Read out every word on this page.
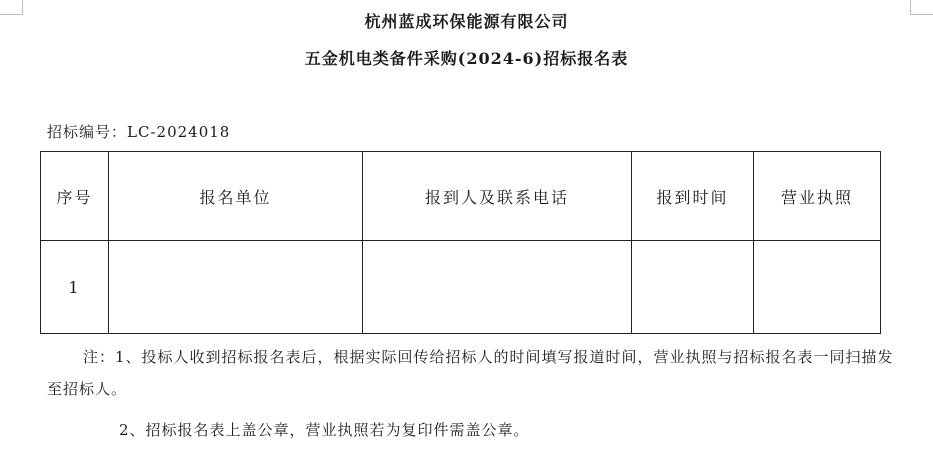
杭州蓝成环保能源有限公司
五金机电类备件采购(2024-6)招标报名表
招标编号：LC-2024018
序号	报名单位	报到人及联系电话	报到时间	营业执照
1				
注：1、投标人收到招标报名表后，根据实际回传给招标人的时间填写报道时间，营业执照与招标报名表一同扫描发至招标人。
2、招标报名表上盖公章，营业执照若为复印件需盖公章。
